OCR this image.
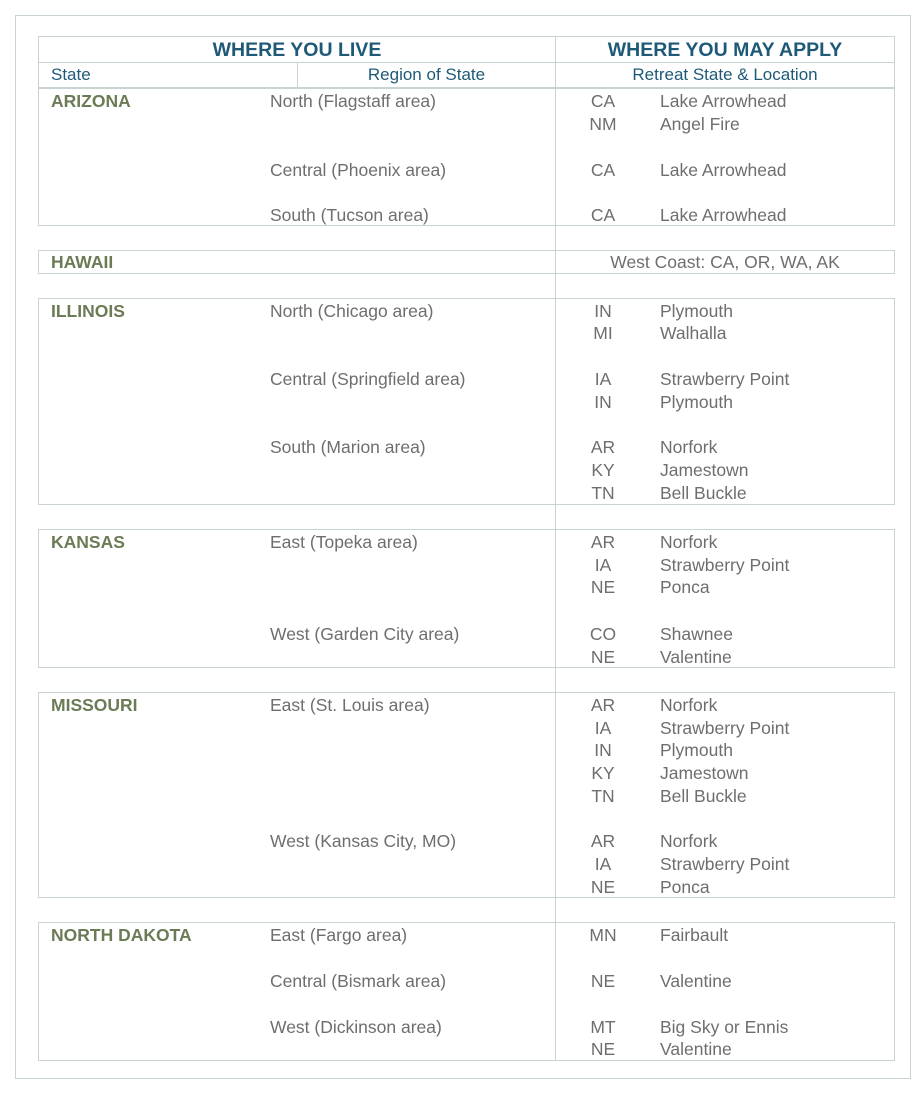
WHERE YOU LIVE	WHERE YOU MAY APPLY
State	Region of State	Retreat State & Location
ARIZONA	North (Flagstaff area)	CA	Lake Arrowhead
NM Angel Fire
Central (Phoenix area)	CA	Lake Arrowhead
South (Tucson area)	CA	Lake Arrowhead
HAWAII	West Coast: CA, OR, WA, AK
ILLINOIS	North (Chicago area)	IN	Plymouth
MI	Walhalla
Central (Springfield area)	IA	Strawberry Point
IN	Plymouth
South (Marion area)	AR	Norfork
KY	Jamestown
TN	Bell Buckle
KANSAS	East (Topeka area)	AR	Norfork
IA	Strawberry Point
NE	Ponca
West (Garden City area)	CO	Shawnee
NE	Valentine
MISSOURI	East (St. Louis area)	AR	Norfork
IA	Strawberry Point
IN	Plymouth
KY	Jamestown
TN	Bell Buckle
West (Kansas City, MO)	AR	Norfork
IA	Strawberry Point
NE	Ponca
NORTH DAKOTA	East (Fargo area)	MN Fairbault
Central (Bismark area)	NE	Valentine
West (Dickinson area)	MT	Big Sky or Ennis
NE	Valentine
